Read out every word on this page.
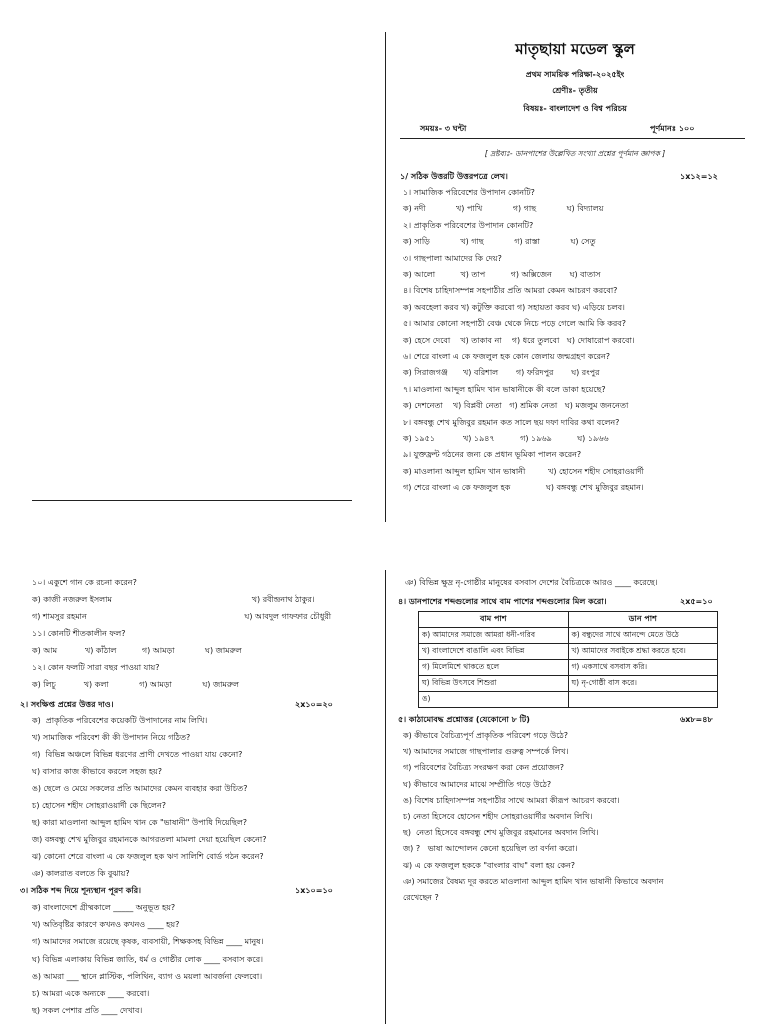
মাতৃছায়া মডেল স্কুল
প্রথম সাময়িক পরিক্ষা-২০২৫ইং
শ্রেণীঃ- তৃতীয়
বিষয়ঃ- বাংলাদেশ ও বিশ্ব পরিচয়
সময়ঃ- ৩ ঘন্টা	পূর্ণমানঃ ১০০
[ দ্রষ্টব্যঃ- ডানপাশের উল্লেখিত সংখ্যা প্রশ্নের পূর্ণমান জ্ঞাপক ]
১/ সঠিক উত্তরটি উত্তরপত্রে লেখ।	১x১২=১২
১। সামাজিক পরিবেশের উপাদান কোনটি?
ক) নদী            খ) পাখি            গ) গাছ            ঘ) বিদ্যালয়
২। প্রাকৃতিক পরিবেশের উপাদান কোনটি?
ক) সাড়ি            খ) গাছ            গ) রাস্তা            ঘ) সেতু
৩। গাছপালা আমাদের কি দেয়?
ক) আলো          খ) তাপ          গ) অক্সিজেন       ঘ) বাতাস
৪। বিশেষ চাহিদাসম্পন্ন সহপাঠীর প্রতি আমরা কেমন আচরণ করবো?
ক) অবহেলা করব খ) কটুক্তি করবো গ) সহায়তা করব ঘ) এড়িয়ে চলব।
৫। আমার কোনো সহপাঠী বেঞ্চ থেকে নিচে পড়ে গেলে আমি কি করব?
ক) হেসে দেবো    খ) তাকাব না    গ) ধরে তুলবো   ঘ) দোষারোপ করবো।
৬। শেরে বাংলা এ কে ফজলুল হক কোন জেলায় জন্মগ্রহণ করেন?
ক) সিরাজগঞ্জ      খ) বরিশাল       গ) ফরিদপুর       ঘ) রংপুর
৭। মাওলানা আব্দুল হামিদ খান ভাষানীকে কী বলে ডাকা হয়েছে?
ক) দেশনেতা    খ) বিপ্লবী নেতা   গ) শ্রমিক নেতা   ঘ) মজলুম জননেতা
৮। বঙ্গবন্ধু শেখ মুজিবুর রহমান কত সালে ছয় দফা দাবির কথা বলেন?
ক) ১৯৫১           খ) ১৯৪৭          গ) ১৯৬৯          ঘ) ১৯৬৬
৯। যুক্তফ্রন্ট গঠনের জন্য কে প্রধান ভূমিকা পালন করেন?
ক) মাওলানা আব্দুল হামিদ খান ভাষানী         খ) হোসেন শহীদ সোহরাওয়ার্দী
গ) শেরে বাংলা এ কে ফজলুল হক              ঘ) বঙ্গবন্ধু শেখ মুজিবুর রহমান।
১০। একুশে গান কে রচনা করেন?
ক) কাজী নজরুল ইসলাম                                                       খ) রবীন্দ্রনাথ ঠাকুর।
গ) শামসুর রহমান                                                              ঘ) আবদুল গাফফার চৌধুরী
১১। কোনটি শীতকালীন ফল?
ক) আম           খ) কাঁঠাল          গ) আমড়া            ঘ) জামরুল
১২। কোন ফলটি সারা বছর পাওয়া যায়?
ক) লিচু           খ) কলা            গ) আমড়া            ঘ) জামরুল
২। সংক্ষিপ্ত প্রশ্নের উত্তর দাও।	২x১০=২০
ক)  প্রাকৃতিক পরিবেশের কয়েকটি উপাদানের নাম লিখি।
খ) সামাজিক পরিবেশ কী কী উপাদান নিয়ে গঠিত?
গ)  বিভিন্ন অঞ্চলে বিভিন্ন ধরণের প্রাণী দেখতে পাওয়া যায় কেনো?
ঘ) বাসার কাজ কীভাবে করলে সহজ হয়?
ঙ) ছেলে ও মেয়ে সকলের প্রতি আমাদের কেমন ব্যবহার করা উচিত?
চ) হোসেন শহীদ সোহরাওয়ার্দী কে ছিলেন?
ছ) কারা মাওলানা আব্দুল হামিদ খান কে "ভাষানী" উপাধি দিয়েছিল?
জ) বঙ্গবন্ধু শেখ মুজিবুর রহমানকে আগরতলা মামলা দেয়া হয়েছিল কেনো?
ঝ) কোনো শেরে বাংলা এ কে ফজলুল হক ঋণ সালিশি বোর্ড গঠন করেন?
ঞ) কালরাত বলতে কি বুঝায়?
৩। সঠিক শব্দ দিয়ে শূন্যস্থান পূরণ করি।	১x১০=১০
ক) বাংলাদেশে গ্রীষ্মকালে _____ অনুভূত হয়?
খ) অতিবৃষ্টির কারণে কখনও কখনও ____ হয়?
গ) আমাদের সমাজে রয়েছে কৃষক, ব্যবসায়ী, শিক্ষকসহ বিভিন্ন ____ মানুষ।
ঘ) বিভিন্ন এলাকায় বিভিন্ন জাতি, ধর্ম ও গোষ্ঠীর লোক ____ বসবাস করে।
ঙ) আমরা ___ স্থানে প্লাস্টিক, পলিথিন, ব্যাগ ও ময়লা আবর্জনা ফেলবো।
চ) আমরা একে অন্যকে ____ করবো।
ছ) সকল পেশার প্রতি ____ দেখাব।
ঞ) বিভিন্ন ক্ষুদ্র নৃ-গোষ্ঠীর মানুষের বসবাস দেশের বৈচিত্রকে আরও ____ করেছে।
৪। ডানপাশের শব্দগুলোর সাথে বাম পাশের শব্দগুলোর মিল করো।	২x৫=১০
বাম পাশ	ডান পাশ
ক) আমাদের সমাজে আমরা ধনী-গরিব	ক) বন্ধুদের সাথে আনন্দে মেতে উঠে
খ) বাংলাদেশে বাঙালি এবং বিভিন্ন	খ) আমাদের সবাইকে শ্রদ্ধা করতে হবে।
গ) মিলেমিশে থাকতে হলে	গ) একসাথে বসবাস করি।
ঘ) বিভিন্ন উৎসবে শিশুরা	ঘ) নৃ-গোষ্ঠী বাস করে।
ঙ)	
৫। কাঠামোবদ্ধ প্রশ্নোত্তর (যেকোনো ৮ টি)	৬x৮=৪৮
ক) কীভাবে বৈচিত্র্যপূর্ণ প্রাকৃতিক পরিবেশ গড়ে উঠে?
খ) আমাদের সমাজে গাছপালার গুরুত্ব সম্পর্কে লিখ।
গ) পরিবেশের বৈচিত্র্য সংরক্ষণ করা কেন প্রয়োজন?
ঘ) কীভাবে আমাদের মাঝে সম্প্রীতি গড়ে উঠে?
ঙ) বিশেষ চাহিদাসম্পন্ন সহপাঠীর সাথে আমরা কীরূপ আচরণ করবো।
চ) নেতা হিসেবে হোসেন শহীদ সোহরাওয়ার্দীর অবদান লিখি।
ছ)  নেতা হিসেবে বঙ্গবন্ধু শেখ মুজিবুর রহমানের অবদান লিখি।
জ) ?   ভাষা আন্দোলন কেনো হয়েছিল তা বর্ণনা করো।
ঝ) এ কে ফজলুল হককে "বাংলার বাঘ" বলা হয় কেন?
ঞ) সমাজের বৈষম্য দূর করতে মাওলানা আব্দুল হামিদ খান ভাষানী কিভাবে অবদান
রেখেছেন ?
